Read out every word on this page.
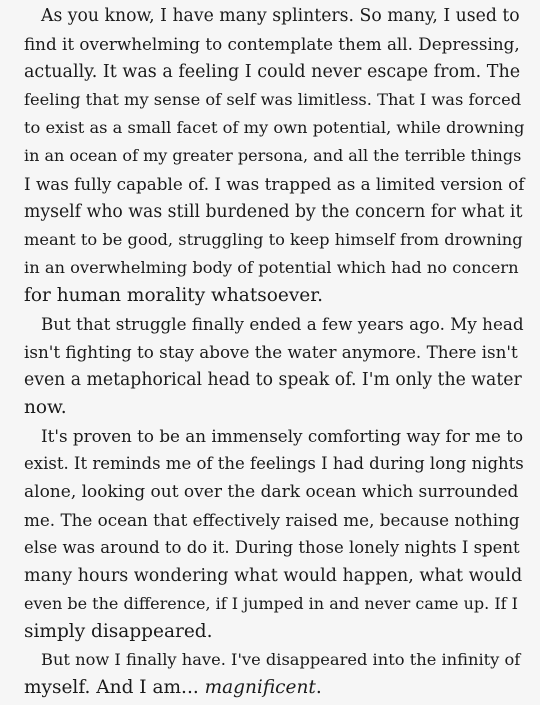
As you know, I have many splinters. So many, I used to
find it overwhelming to contemplate them all. Depressing,
actually. It was a feeling I could never escape from. The
feeling that my sense of self was limitless. That I was forced
to exist as a small facet of my own potential, while drowning
in an ocean of my greater persona, and all the terrible things
I was fully capable of. I was trapped as a limited version of
myself who was still burdened by the concern for what it
meant to be good, struggling to keep himself from drowning
in an overwhelming body of potential which had no concern
for human morality whatsoever.

But that struggle finally ended a few years ago. My head
isn't fighting to stay above the water anymore. There isn't
even a metaphorical head to speak of. I'm only the water
now.

It's proven to be an immensely comforting way for me to
exist. It reminds me of the feelings I had during long nights
alone, looking out over the dark ocean which surrounded
me. The ocean that effectively raised me, because nothing
else was around to do it. During those lonely nights I spent
many hours wondering what would happen, what would
even be the difference, if I jumped in and never came up. If I
simply disappeared.

But now I finally have. I've disappeared into the infinity of
myself. And I am... magnificent.
